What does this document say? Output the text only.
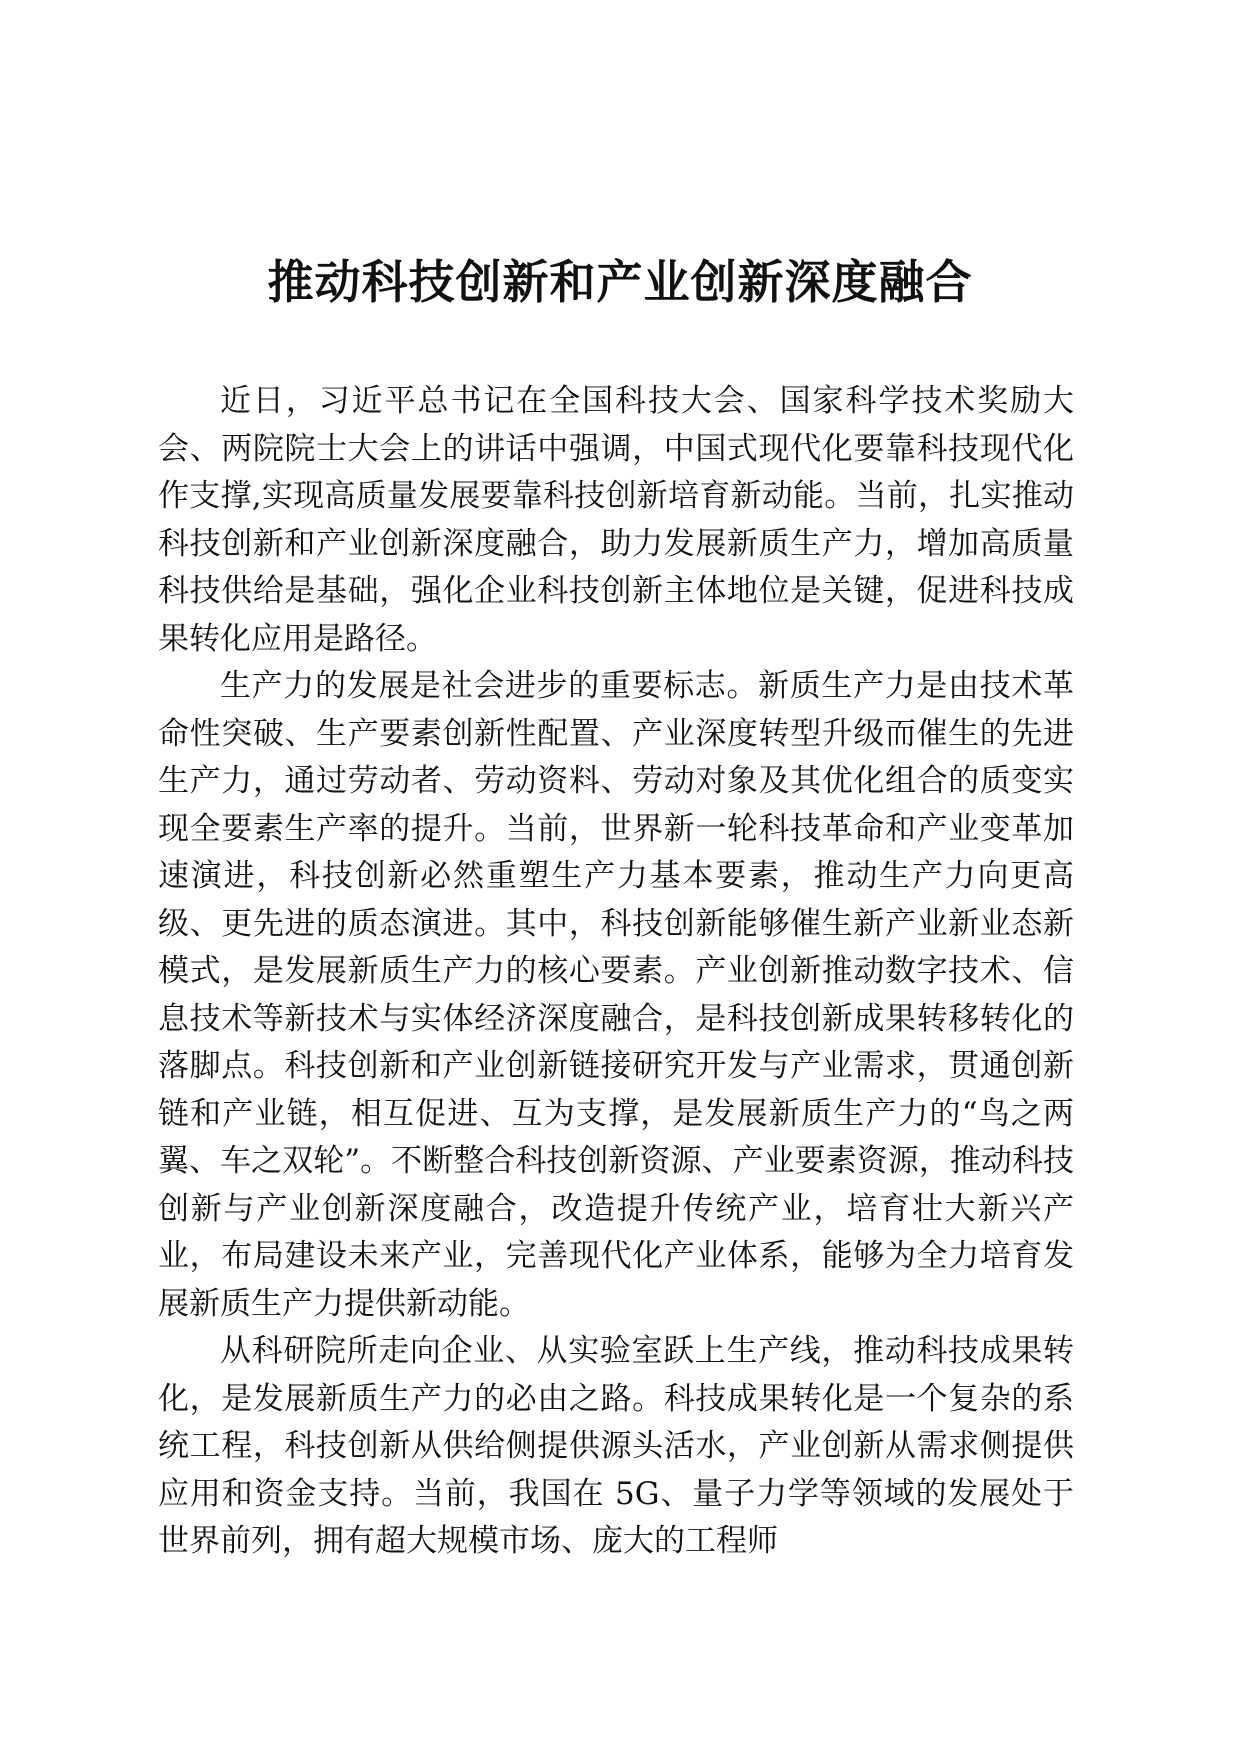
推动科技创新和产业创新深度融合

近日，习近平总书记在全国科技大会、国家科学技术奖励大会、两院院士大会上的讲话中强调，中国式现代化要靠科技现代化作支撑,实现高质量发展要靠科技创新培育新动能。当前，扎实推动科技创新和产业创新深度融合，助力发展新质生产力，增加高质量科技供给是基础，强化企业科技创新主体地位是关键，促进科技成果转化应用是路径。

生产力的发展是社会进步的重要标志。新质生产力是由技术革命性突破、生产要素创新性配置、产业深度转型升级而催生的先进生产力，通过劳动者、劳动资料、劳动对象及其优化组合的质变实现全要素生产率的提升。当前，世界新一轮科技革命和产业变革加速演进，科技创新必然重塑生产力基本要素，推动生产力向更高级、更先进的质态演进。其中，科技创新能够催生新产业新业态新模式，是发展新质生产力的核心要素。产业创新推动数字技术、信息技术等新技术与实体经济深度融合，是科技创新成果转移转化的落脚点。科技创新和产业创新链接研究开发与产业需求，贯通创新链和产业链，相互促进、互为支撑，是发展新质生产力的“鸟之两翼、车之双轮”。不断整合科技创新资源、产业要素资源，推动科技创新与产业创新深度融合，改造提升传统产业，培育壮大新兴产业，布局建设未来产业，完善现代化产业体系，能够为全力培育发展新质生产力提供新动能。

从科研院所走向企业、从实验室跃上生产线，推动科技成果转化，是发展新质生产力的必由之路。科技成果转化是一个复杂的系统工程，科技创新从供给侧提供源头活水，产业创新从需求侧提供应用和资金支持。当前，我国在 5G、量子力学等领域的发展处于世界前列，拥有超大规模市场、庞大的工程师
